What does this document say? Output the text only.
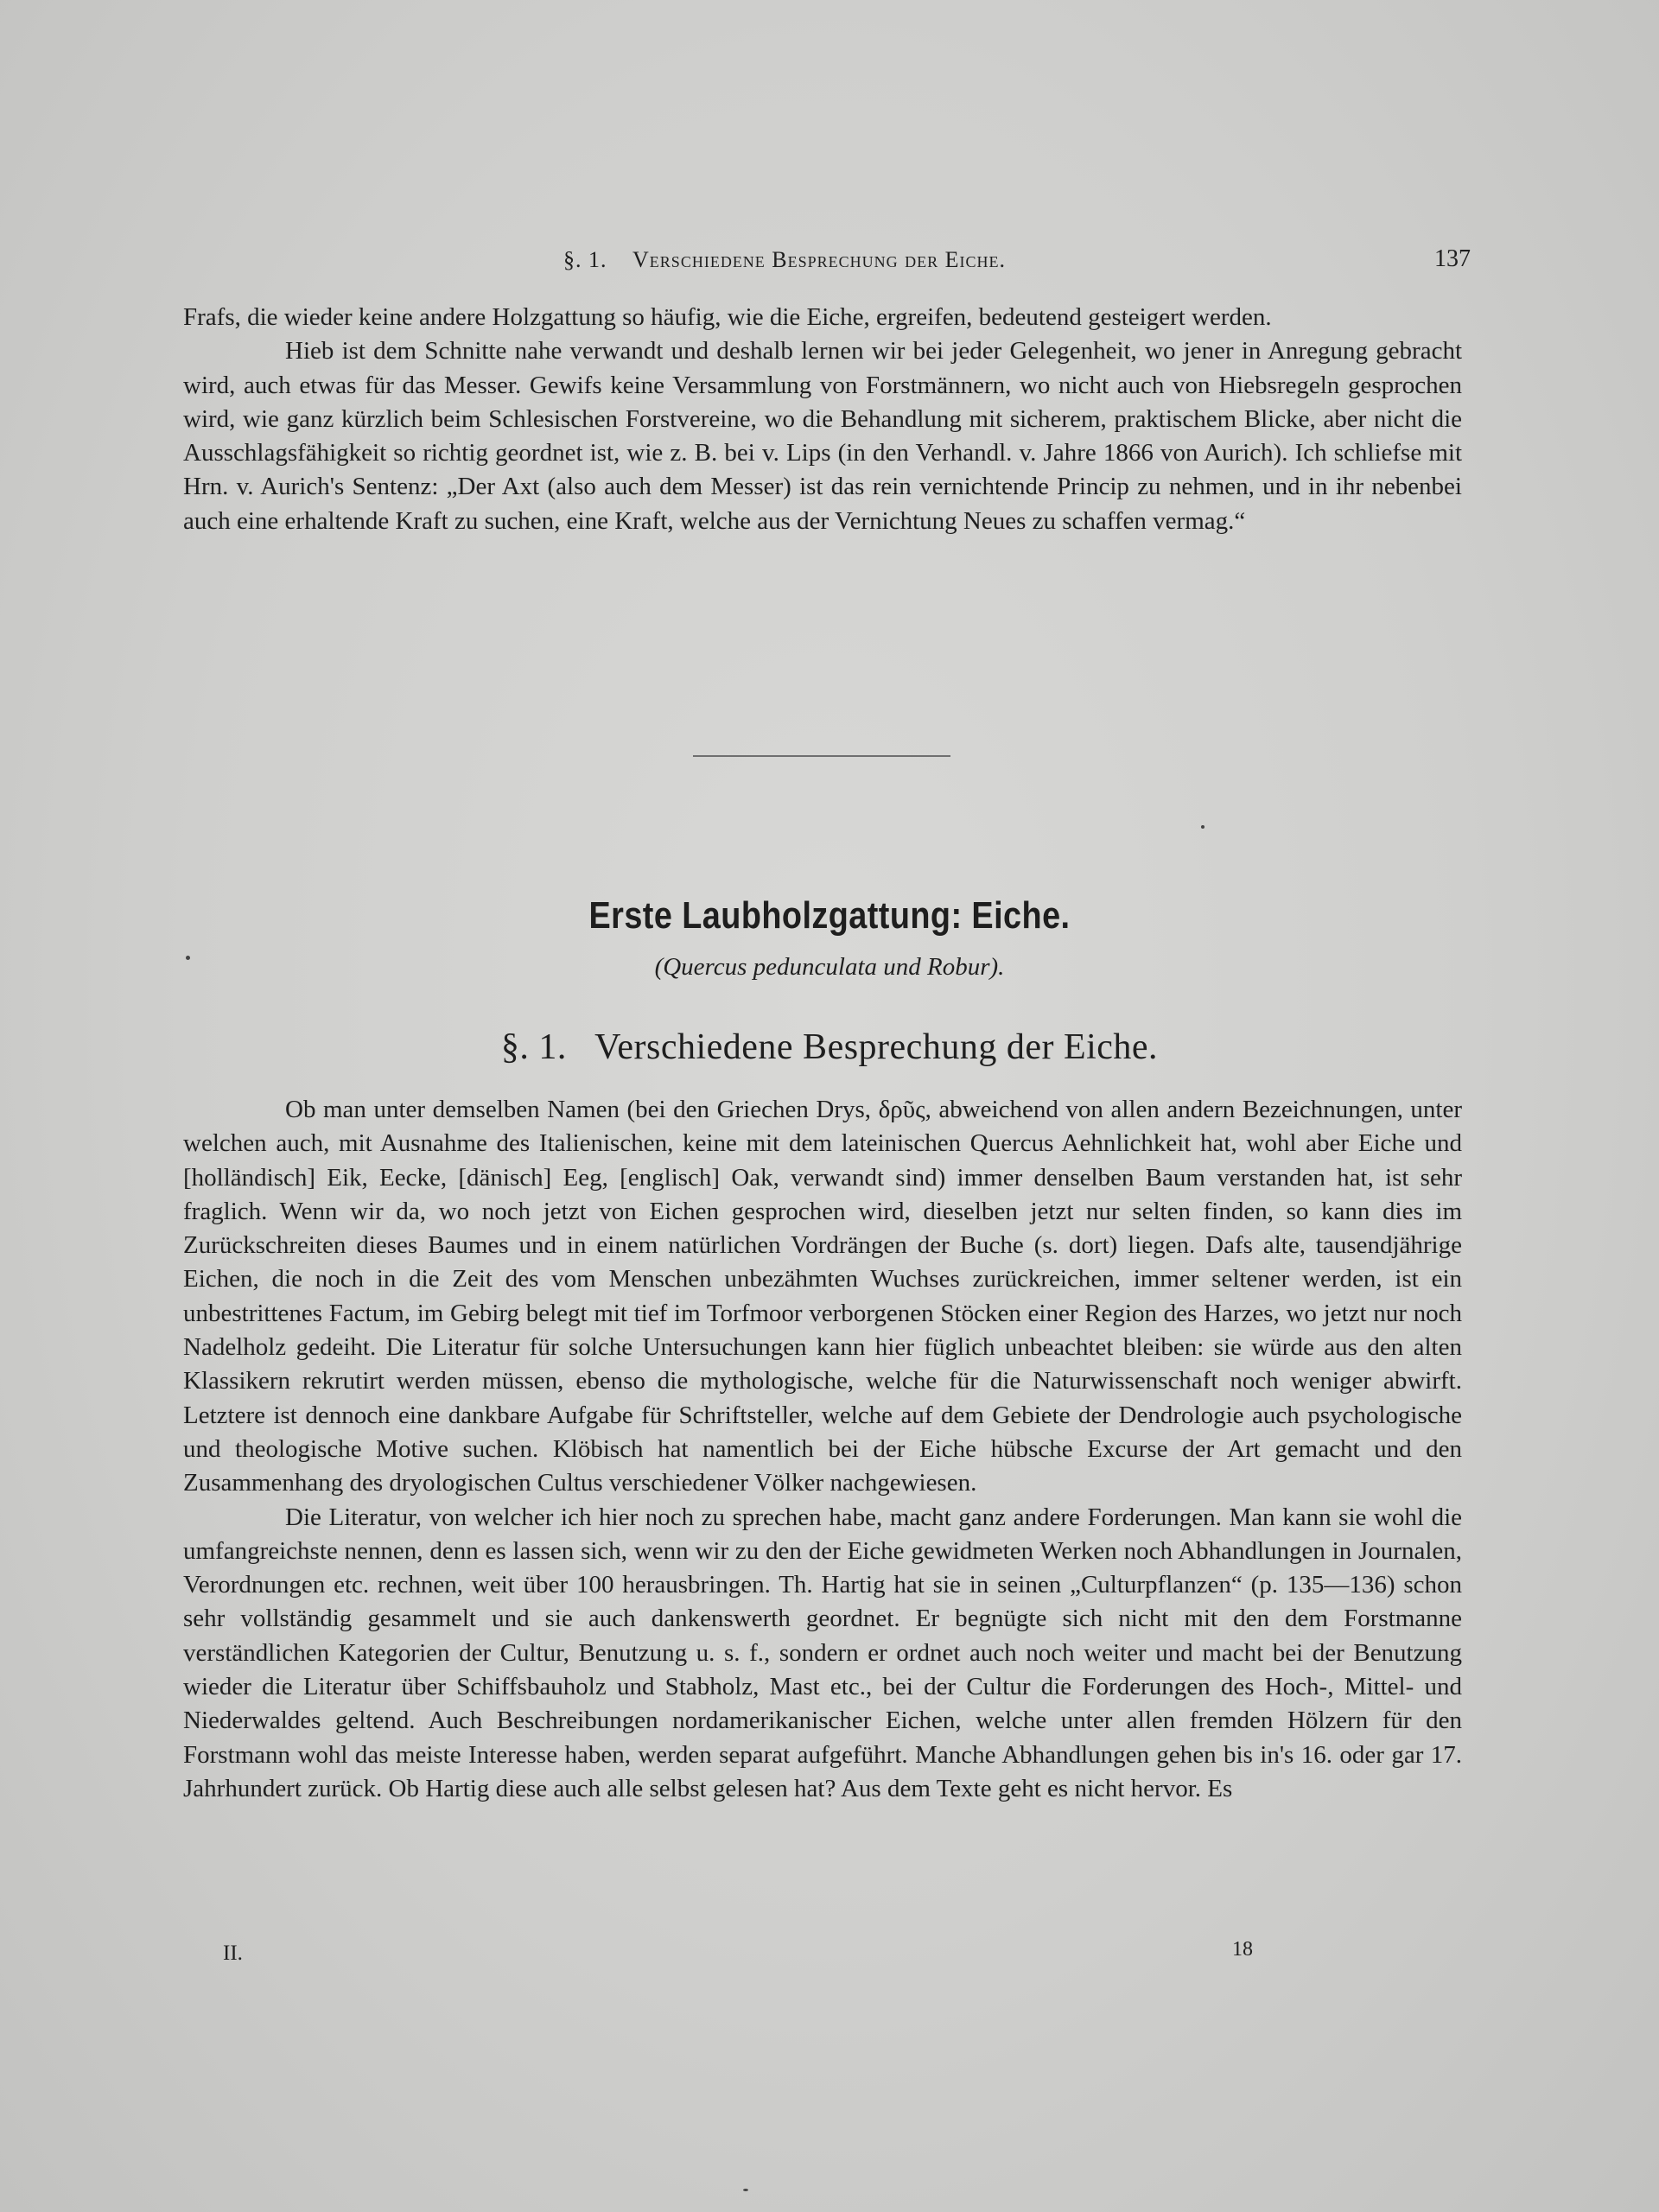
§. 1. Verschiedene Besprechung der Eiche.	137

Frafs, die wieder keine andere Holzgattung so häufig, wie die Eiche, ergreifen, bedeutend gesteigert werden.

Hieb ist dem Schnitte nahe verwandt und deshalb lernen wir bei jeder Gelegenheit, wo jener in Anregung gebracht wird, auch etwas für das Messer. Gewifs keine Versammlung von Forstmännern, wo nicht auch von Hiebsregeln gesprochen wird, wie ganz kürzlich beim Schlesischen Forstvereine, wo die Behandlung mit sicherem, praktischem Blicke, aber nicht die Ausschlagsfähigkeit so richtig geordnet ist, wie z. B. bei v. Lips (in den Verhandl. v. Jahre 1866 von Aurich). Ich schliefse mit Hrn. v. Aurich's Sentenz: „Der Axt (also auch dem Messer) ist das rein vernichtende Princip zu nehmen, und in ihr nebenbei auch eine erhaltende Kraft zu suchen, eine Kraft, welche aus der Vernichtung Neues zu schaffen vermag.“

Erste Laubholzgattung: Eiche.
(Quercus pedunculata und Robur).
§. 1. Verschiedene Besprechung der Eiche.

Ob man unter demselben Namen (bei den Griechen Drys, δρῦς, abweichend von allen andern Bezeichnungen, unter welchen auch, mit Ausnahme des Italienischen, keine mit dem lateinischen Quercus Aehnlichkeit hat, wohl aber Eiche und [holländisch] Eik, Eecke, [dänisch] Eeg, [englisch] Oak, verwandt sind) immer denselben Baum verstanden hat, ist sehr fraglich. Wenn wir da, wo noch jetzt von Eichen gesprochen wird, dieselben jetzt nur selten finden, so kann dies im Zurückschreiten dieses Baumes und in einem natürlichen Vordrängen der Buche (s. dort) liegen. Dafs alte, tausendjährige Eichen, die noch in die Zeit des vom Menschen unbezähmten Wuchses zurückreichen, immer seltener werden, ist ein unbestrittenes Factum, im Gebirg belegt mit tief im Torfmoor verborgenen Stöcken einer Region des Harzes, wo jetzt nur noch Nadelholz gedeiht. Die Literatur für solche Untersuchungen kann hier füglich unbeachtet bleiben: sie würde aus den alten Klassikern rekrutirt werden müssen, ebenso die mythologische, welche für die Naturwissenschaft noch weniger abwirft. Letztere ist dennoch eine dankbare Aufgabe für Schriftsteller, welche auf dem Gebiete der Dendrologie auch psychologische und theologische Motive suchen. Klöbisch hat namentlich bei der Eiche hübsche Excurse der Art gemacht und den Zusammenhang des dryologischen Cultus verschiedener Völker nachgewiesen.

Die Literatur, von welcher ich hier noch zu sprechen habe, macht ganz andere Forderungen. Man kann sie wohl die umfangreichste nennen, denn es lassen sich, wenn wir zu den der Eiche gewidmeten Werken noch Abhandlungen in Journalen, Verordnungen etc. rechnen, weit über 100 herausbringen. Th. Hartig hat sie in seinen „Culturpflanzen“ (p. 135—136) schon sehr vollständig gesammelt und sie auch dankenswerth geordnet. Er begnügte sich nicht mit den dem Forstmanne verständlichen Kategorien der Cultur, Benutzung u. s. f., sondern er ordnet auch noch weiter und macht bei der Benutzung wieder die Literatur über Schiffsbauholz und Stabholz, Mast etc., bei der Cultur die Forderungen des Hoch-, Mittel- und Niederwaldes geltend. Auch Beschreibungen nordamerikanischer Eichen, welche unter allen fremden Hölzern für den Forstmann wohl das meiste Interesse haben, werden separat aufgeführt. Manche Abhandlungen gehen bis in's 16. oder gar 17. Jahrhundert zurück. Ob Hartig diese auch alle selbst gelesen hat? Aus dem Texte geht es nicht hervor. Es

II.	18
